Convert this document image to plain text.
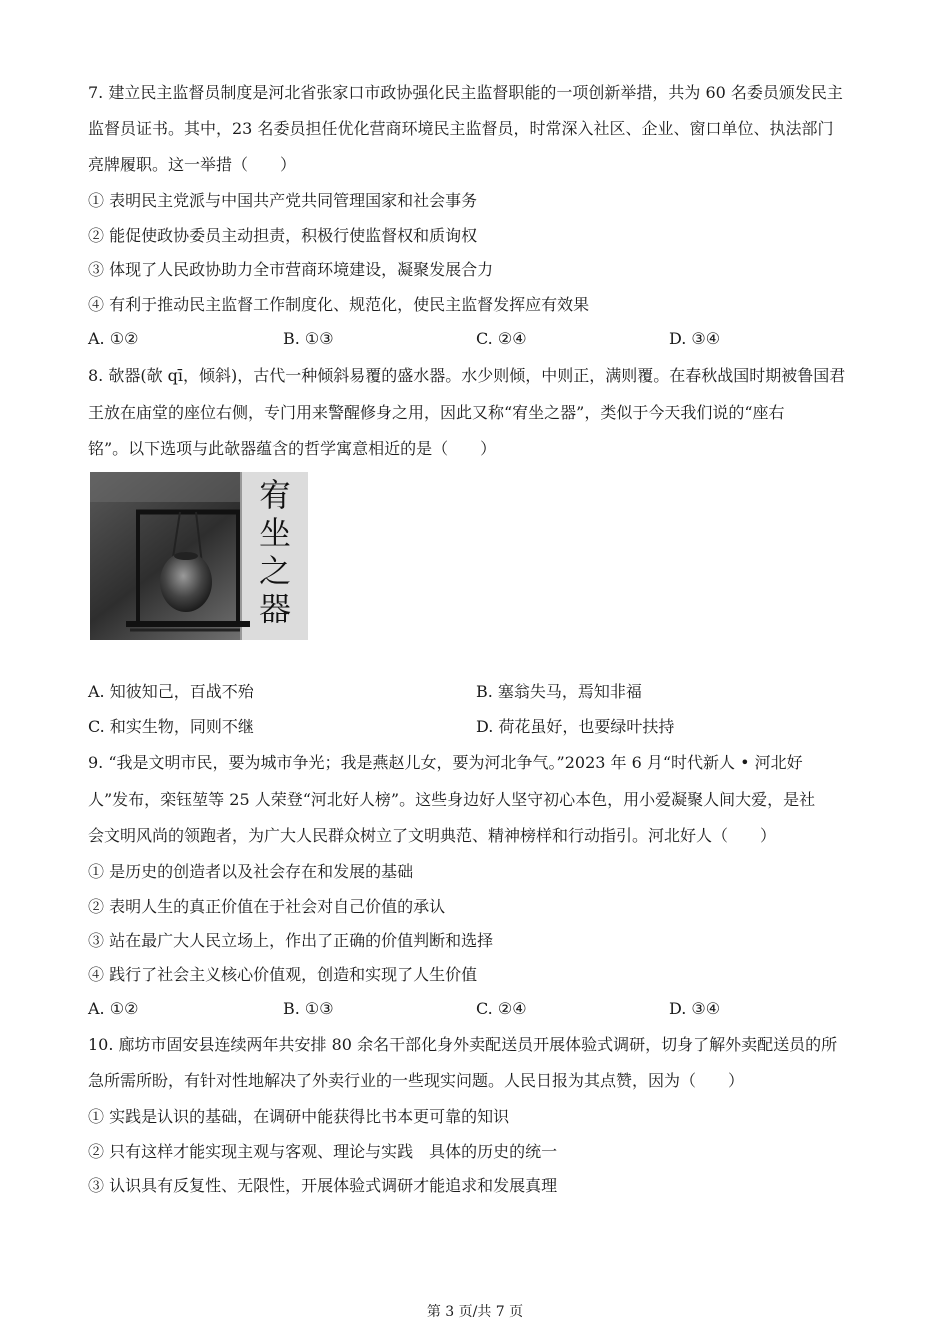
7. 建立民主监督员制度是河北省张家口市政协强化民主监督职能的一项创新举措，共为 60 名委员颁发民主
监督员证书。其中，23 名委员担任优化营商环境民主监督员，时常深入社区、企业、窗口单位、执法部门
亮牌履职。这一举措（　　）
① 表明民主党派与中国共产党共同管理国家和社会事务
② 能促使政协委员主动担责，积极行使监督权和质询权
③ 体现了人民政协助力全市营商环境建设，凝聚发展合力
④ 有利于推动民主监督工作制度化、规范化，使民主监督发挥应有效果
A. ①②	B. ①③	C. ②④	D. ③④
8. 欹器(欹 qī，倾斜)，古代一种倾斜易覆的盛水器。水少则倾，中则正，满则覆。在春秋战国时期被鲁国君
王放在庙堂的座位右侧，专门用来警醒修身之用，因此又称“宥坐之器”，类似于今天我们说的“座右
铭”。以下选项与此欹器蕴含的哲学寓意相近的是（　　）
宥
坐
之
器
A. 知彼知己，百战不殆	B. 塞翁失马，焉知非福
C. 和实生物，同则不继	D. 荷花虽好，也要绿叶扶持
9. “我是文明市民，要为城市争光；我是燕赵儿女，要为河北争气。”2023 年 6 月“时代新人 • 河北好
人”发布，栾钰堃等 25 人荣登“河北好人榜”。这些身边好人坚守初心本色，用小爱凝聚人间大爱，是社
会文明风尚的领跑者，为广大人民群众树立了文明典范、精神榜样和行动指引。河北好人（　　）
① 是历史的创造者以及社会存在和发展的基础
② 表明人生的真正价值在于社会对自己价值的承认
③ 站在最广大人民立场上，作出了正确的价值判断和选择
④ 践行了社会主义核心价值观，创造和实现了人生价值
A. ①②	B. ①③	C. ②④	D. ③④
10. 廊坊市固安县连续两年共安排 80 余名干部化身外卖配送员开展体验式调研，切身了解外卖配送员的所
急所需所盼，有针对性地解决了外卖行业的一些现实问题。人民日报为其点赞，因为（　　）
① 实践是认识的基础，在调研中能获得比书本更可靠的知识
② 只有这样才能实现主观与客观、理论与实践　具体的历史的统一
③ 认识具有反复性、无限性，开展体验式调研才能追求和发展真理
第 3 页/共 7 页
